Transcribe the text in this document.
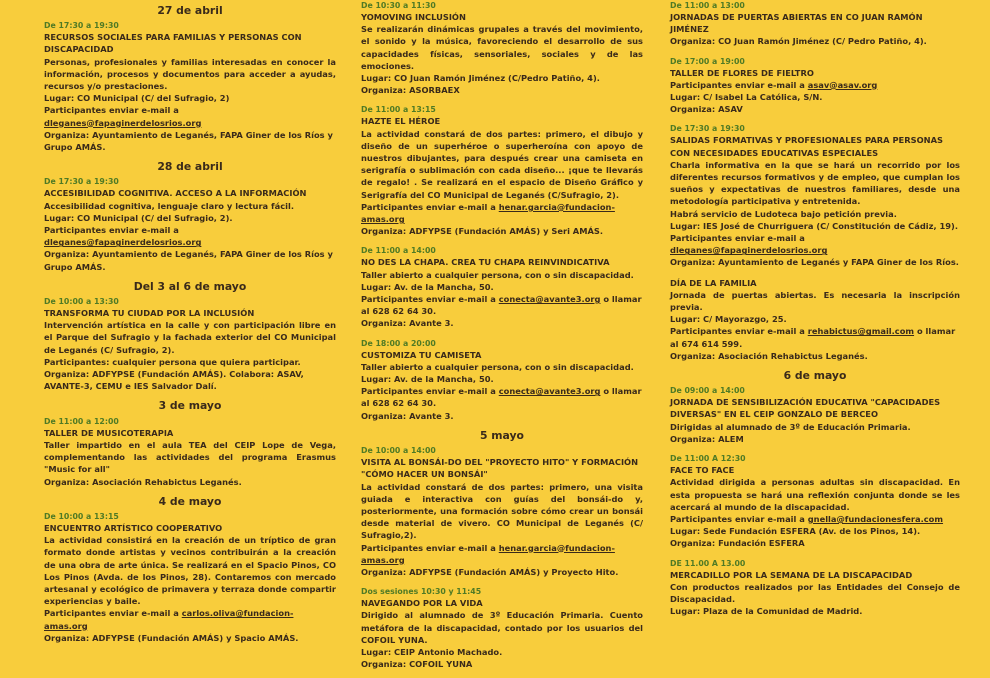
27 de abril
De 17:30 a 19:30
RECURSOS SOCIALES PARA FAMILIAS Y PERSONAS CON DISCAPACIDAD
Personas, profesionales y familias interesadas en conocer la información, procesos y documentos para acceder a ayudas, recursos y/o prestaciones.
Lugar: CO Municipal (C/ del Sufragio, 2)
Participantes enviar e-mail a dleganes@fapaginerdelosrios.org
Organiza: Ayuntamiento de Leganés, FAPA Giner de los Ríos y Grupo AMÁS.
28 de abril
De 17:30 a 19:30
ACCESIBILIDAD COGNITIVA. ACCESO A LA INFORMACIÓN
Accesibilidad cognitiva, lenguaje claro y lectura fácil.
Lugar: CO Municipal (C/ del Sufragio, 2).
Participantes enviar e-mail a dleganes@fapaginerdelosrios.org
Organiza: Ayuntamiento de Leganés, FAPA Giner de los Ríos y Grupo AMÁS.
Del 3 al 6 de mayo
De 10:00 a 13:30
TRANSFORMA TU CIUDAD POR LA INCLUSIÓN
Intervención artística en la calle y con participación libre en el Parque del Sufragio y la fachada exterior del CO Municipal de Leganés (C/ Sufragio, 2).
Participantes: cualquier persona que quiera participar.
Organiza: ADFYPSE (Fundación AMÁS). Colabora: ASAV, AVANTE-3, CEMU e IES Salvador Dalí.
3 de mayo
De 11:00 a 12:00
TALLER DE MUSICOTERAPIA
Taller impartido en el aula TEA del CEIP Lope de Vega, complementando las actividades del programa Erasmus "Music for all"
Organiza: Asociación Rehabictus Leganés.
4 de mayo
De 10:00 a 13:15
ENCUENTRO ARTÍSTICO COOPERATIVO
La actividad consistirá en la creación de un tríptico de gran formato donde artistas y vecinos contribuirán a la creación de una obra de arte única. Se realizará en el Spacio Pinos, CO Los Pinos (Avda. de los Pinos, 28). Contaremos con mercado artesanal y ecológico de primavera y terraza donde compartir experiencias y baile.
Participantes enviar e-mail a carlos.oliva@fundacion-amas.org
Organiza: ADFYPSE (Fundación AMÁS) y Spacio AMÁS.
De 10:30 a 11:30
YOMOVING INCLUSIÓN
Se realizarán dinámicas grupales a través del movimiento, el sonido y la música, favoreciendo el desarrollo de sus capacidades físicas, sensoriales, sociales y de las emociones.
Lugar: CO Juan Ramón Jiménez (C/Pedro Patiño, 4).
Organiza: ASORBAEX
De 11:00 a 13:15
HAZTE EL HÉROE
La actividad constará de dos partes: primero, el dibujo y diseño de un superhéroe o superheroína con apoyo de nuestros dibujantes, para después crear una camiseta en serigrafía o sublimación con cada diseño... ¡que te llevarás de regalo! . Se realizará en el espacio de Diseño Gráfico y Serigrafía del CO Municipal de Leganés (C/Sufragio, 2).
Participantes enviar e-mail a henar.garcia@fundacion-amas.org
Organiza: ADFYPSE (Fundación AMÁS) y Seri AMÁS.
De 11:00 a 14:00
NO DES LA CHAPA. CREA TU CHAPA REINVINDICATIVA
Taller abierto a cualquier persona, con o sin discapacidad.
Lugar: Av. de la Mancha, 50.
Participantes enviar e-mail a conecta@avante3.org o llamar al 628 62 64 30.
Organiza: Avante 3.
De 18:00 a 20:00
CUSTOMIZA TU CAMISETA
Taller abierto a cualquier persona, con o sin discapacidad.
Lugar: Av. de la Mancha, 50.
Participantes enviar e-mail a conecta@avante3.org o llamar al 628 62 64 30.
Organiza: Avante 3.
5 mayo
De 10:00 a 14:00
VISITA AL BONSÁI-DO DEL "PROYECTO HITO" Y FORMACIÓN "CÓMO HACER UN BONSÁI"
La actividad constará de dos partes: primero, una visita guiada e interactiva con guías del bonsái-do y, posteriormente, una formación sobre cómo crear un bonsái desde material de vivero. CO Municipal de Leganés (C/ Sufragio,2).
Participantes enviar e-mail a henar.garcia@fundacion-amas.org
Organiza: ADFYPSE (Fundación AMÁS) y Proyecto Hito.
Dos sesiones 10:30 y 11:45
NAVEGANDO POR LA VIDA
Dirigido al alumnado de 3º Educación Primaria. Cuento metáfora de la discapacidad, contado por los usuarios del COFOIL YUNA.
Lugar: CEIP Antonio Machado.
Organiza: COFOIL YUNA
De 11:00 a 13:00
JORNADAS DE PUERTAS ABIERTAS EN CO JUAN RAMÓN JIMÉNEZ
Organiza: CO Juan Ramón Jiménez (C/ Pedro Patiño, 4).
De 17:00 a 19:00
TALLER DE FLORES DE FIELTRO
Participantes enviar e-mail a asav@asav.org
Lugar: C/ Isabel La Católica, S/N.
Organiza: ASAV
De 17:30 a 19:30
SALIDAS FORMATIVAS Y PROFESIONALES PARA PERSONAS CON NECESIDADES EDUCATIVAS ESPECIALES
Charla informativa en la que se hará un recorrido por los diferentes recursos formativos y de empleo, que cumplan los sueños y expectativas de nuestros familiares, desde una metodología participativa y entretenida.
Habrá servicio de Ludoteca bajo petición previa.
Lugar: IES José de Churriguera (C/ Constitución de Cádiz, 19).
Participantes enviar e-mail a dleganes@fapaginerdelosrios.org
Organiza: Ayuntamiento de Leganés y FAPA Giner de los Ríos.
DÍA DE LA FAMILIA
Jornada de puertas abiertas. Es necesaria la inscripción previa.
Lugar: C/ Mayorazgo, 25.
Participantes enviar e-mail a rehabictus@gmail.com o llamar al 674 614 599.
Organiza: Asociación Rehabictus Leganés.
6 de mayo
De 09:00 a 14:00
JORNADA DE SENSIBILIZACIÓN EDUCATIVA "CAPACIDADES DIVERSAS" EN EL CEIP GONZALO DE BERCEO
Dirigidas al alumnado de 3º de Educación Primaria.
Organiza: ALEM
De 11:00 A 12:30
FACE TO FACE
Actividad dirigida a personas adultas sin discapacidad. En esta propuesta se hará una reflexión conjunta donde se les acercará al mundo de la discapacidad.
Participantes enviar e-mail a gnella@fundacionesfera.com
Lugar: Sede Fundación ESFERA (Av. de los Pinos, 14).
Organiza: Fundación ESFERA
DE 11.00 A 13.00
MERCADILLO POR LA SEMANA DE LA DISCAPACIDAD
Con productos realizados por las Entidades del Consejo de Discapacidad.
Lugar: Plaza de la Comunidad de Madrid.
